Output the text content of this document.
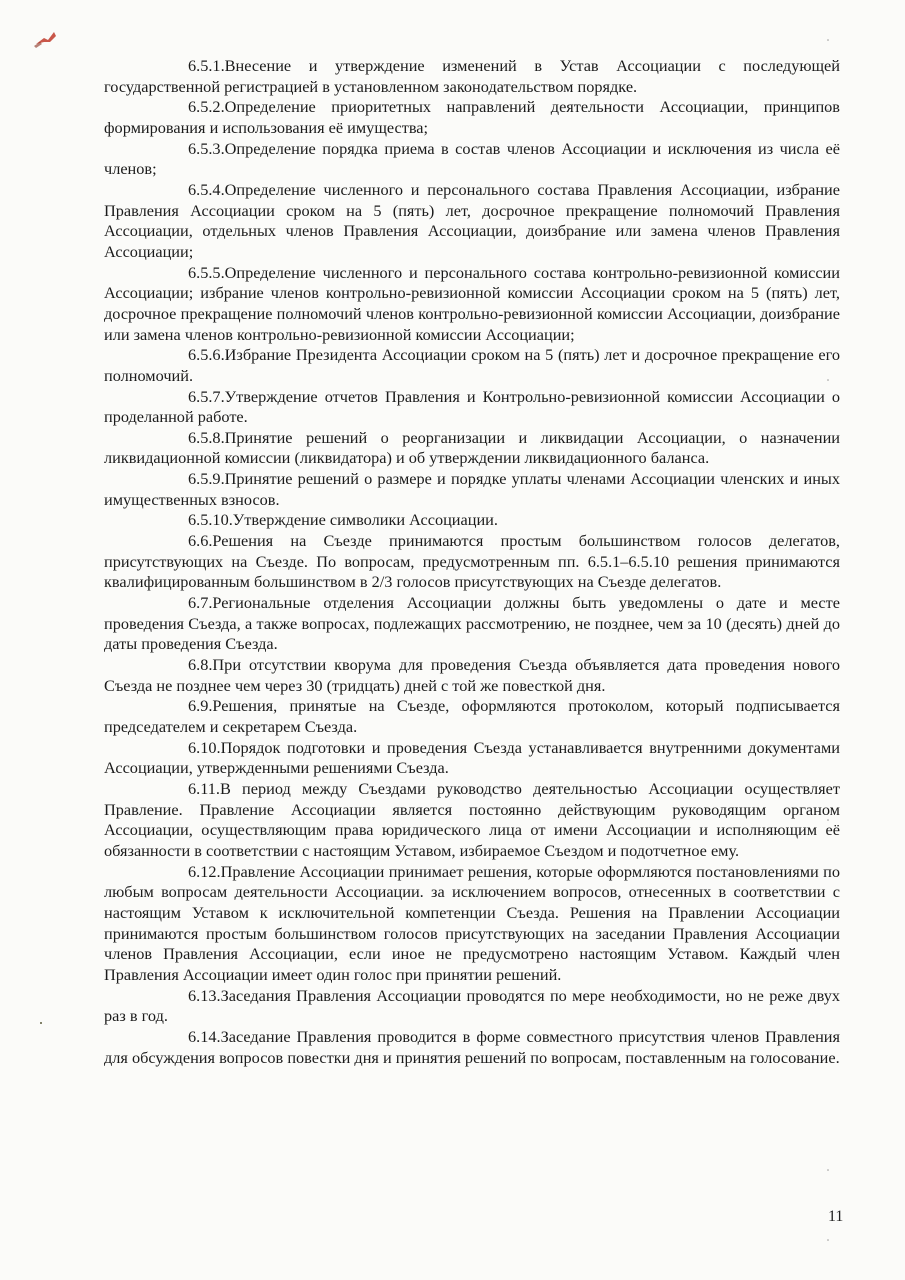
6.5.1.Внесение и утверждение изменений в Устав Ассоциации с последующей государственной регистрацией в установленном законодательством порядке.

6.5.2.Определение приоритетных направлений деятельности Ассоциации, принципов формирования и использования её имущества;

6.5.3.Определение порядка приема в состав членов Ассоциации и исключения из числа её членов;

6.5.4.Определение численного и персонального состава Правления Ассоциации, избрание Правления Ассоциации сроком на 5 (пять) лет, досрочное прекращение полномочий Правления Ассоциации, отдельных членов Правления Ассоциации, доизбрание или замена членов Правления Ассоциации;

6.5.5.Определение численного и персонального состава контрольно-ревизионной комиссии Ассоциации; избрание членов контрольно-ревизионной комиссии Ассоциации сроком на 5 (пять) лет, досрочное прекращение полномочий членов контрольно-ревизионной комиссии Ассоциации, доизбрание или замена членов контрольно-ревизионной комиссии Ассоциации;

6.5.6.Избрание Президента Ассоциации сроком на 5 (пять) лет и досрочное прекращение его полномочий.

6.5.7.Утверждение отчетов Правления и Контрольно-ревизионной комиссии Ассоциации о проделанной работе.

6.5.8.Принятие решений о реорганизации и ликвидации Ассоциации, о назначении ликвидационной комиссии (ликвидатора) и об утверждении ликвидационного баланса.

6.5.9.Принятие решений о размере и порядке уплаты членами Ассоциации членских и иных имущественных взносов.

6.5.10.Утверждение символики Ассоциации.

6.6.Решения на Съезде принимаются простым большинством голосов делегатов, присутствующих на Съезде. По вопросам, предусмотренным пп. 6.5.1–6.5.10 решения принимаются квалифицированным большинством в 2/3 голосов присутствующих на Съезде делегатов.

6.7.Региональные отделения Ассоциации должны быть уведомлены о дате и месте проведения Съезда, а также вопросах, подлежащих рассмотрению, не позднее, чем за 10 (десять) дней до даты проведения Съезда.

6.8.При отсутствии кворума для проведения Съезда объявляется дата проведения нового Съезда не позднее чем через 30 (тридцать) дней с той же повесткой дня.

6.9.Решения, принятые на Съезде, оформляются протоколом, который подписывается председателем и секретарем Съезда.

6.10.Порядок подготовки и проведения Съезда устанавливается внутренними документами Ассоциации, утвержденными решениями Съезда.

6.11.В период между Съездами руководство деятельностью Ассоциации осуществляет Правление. Правление Ассоциации является постоянно действующим руководящим органом Ассоциации, осуществляющим права юридического лица от имени Ассоциации и исполняющим её обязанности в соответствии с настоящим Уставом, избираемое Съездом и подотчетное ему.

6.12.Правление Ассоциации принимает решения, которые оформляются постановлениями по любым вопросам деятельности Ассоциации. за исключением вопросов, отнесенных в соответствии с настоящим Уставом к исключительной компетенции Съезда. Решения на Правлении Ассоциации принимаются простым большинством голосов присутствующих на заседании Правления Ассоциации членов Правления Ассоциации, если иное не предусмотрено настоящим Уставом. Каждый член Правления Ассоциации имеет один голос при принятии решений.

6.13.Заседания Правления Ассоциации проводятся по мере необходимости, но не реже двух раз в год.

6.14.Заседание Правления проводится в форме совместного присутствия членов Правления для обсуждения вопросов повестки дня и принятия решений по вопросам, поставленным на голосование.

11
